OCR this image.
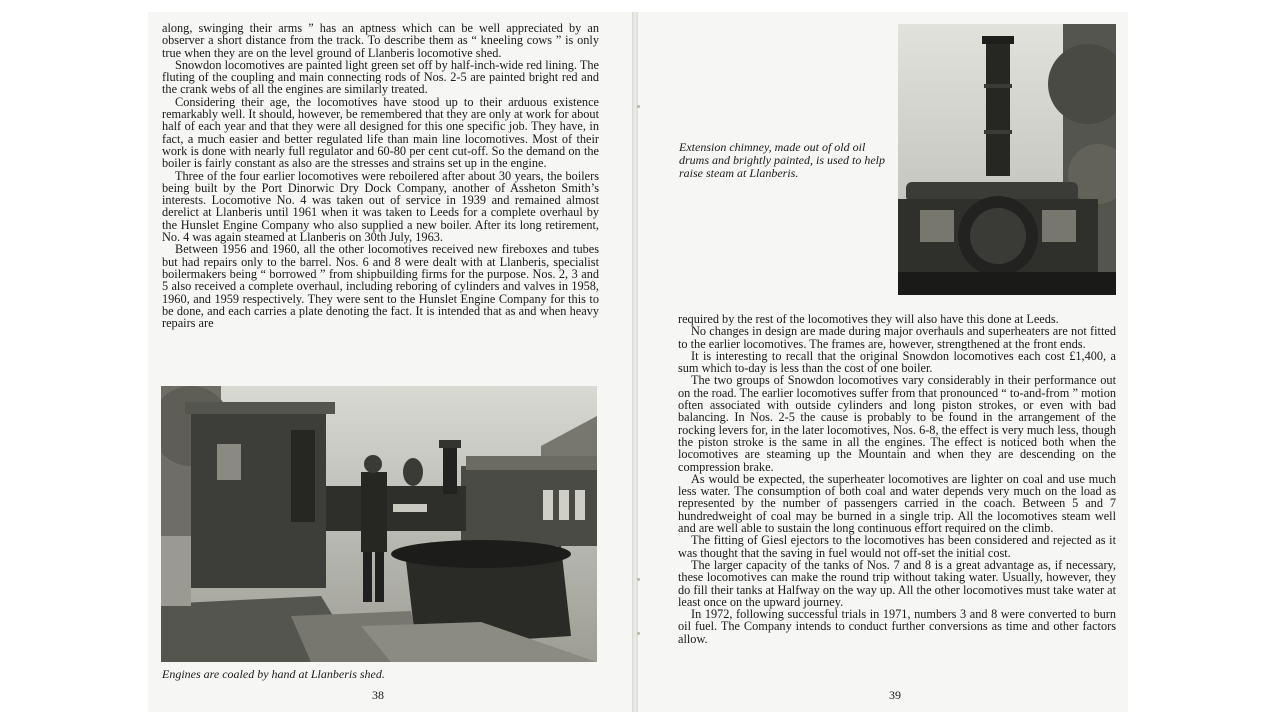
along, swinging their arms ” has an aptness which can be well appreciated by an observer a short distance from the track. To describe them as “ kneeling cows ” is only true when they are on the level ground of Llanberis locomotive shed.

Snowdon locomotives are painted light green set off by half-inch-wide red lining. The fluting of the coupling and main connecting rods of Nos. 2-5 are painted bright red and the crank webs of all the engines are similarly treated.

Considering their age, the locomotives have stood up to their arduous existence remarkably well. It should, however, be remembered that they are only at work for about half of each year and that they were all designed for this one specific job. They have, in fact, a much easier and better regulated life than main line locomotives. Most of their work is done with nearly full regulator and 60-80 per cent cut-off. So the demand on the boiler is fairly constant as also are the stresses and strains set up in the engine.

Three of the four earlier locomotives were reboilered after about 30 years, the boilers being built by the Port Dinorwic Dry Dock Company, another of Assheton Smith’s interests. Locomotive No. 4 was taken out of service in 1939 and remained almost derelict at Llanberis until 1961 when it was taken to Leeds for a complete overhaul by the Hunslet Engine Company who also supplied a new boiler. After its long retirement, No. 4 was again steamed at Llanberis on 30th July, 1963.

Between 1956 and 1960, all the other locomotives received new fireboxes and tubes but had repairs only to the barrel. Nos. 6 and 8 were dealt with at Llanberis, specialist boilermakers being “ borrowed ” from shipbuilding firms for the purpose. Nos. 2, 3 and 5 also received a complete overhaul, including reboring of cylinders and valves in 1958, 1960, and 1959 respectively. They were sent to the Hunslet Engine Company for this to be done, and each carries a plate denoting the fact. It is intended that as and when heavy repairs are

Engines are coaled by hand at Llanberis shed.

38

Extension chimney, made out of old oil drums and brightly painted, is used to help raise steam at Llanberis.

required by the rest of the locomotives they will also have this done at Leeds.

No changes in design are made during major overhauls and superheaters are not fitted to the earlier locomotives. The frames are, however, strengthened at the front ends.

It is interesting to recall that the original Snowdon locomotives each cost £1,400, a sum which to-day is less than the cost of one boiler.

The two groups of Snowdon locomotives vary considerably in their performance out on the road. The earlier locomotives suffer from that pronounced “ to-and-from ” motion often associated with outside cylinders and long piston strokes, or even with bad balancing. In Nos. 2-5 the cause is probably to be found in the arrangement of the rocking levers for, in the later locomotives, Nos. 6-8, the effect is very much less, though the piston stroke is the same in all the engines. The effect is noticed both when the locomotives are steaming up the Mountain and when they are descending on the compression brake.

As would be expected, the superheater locomotives are lighter on coal and use much less water. The consumption of both coal and water depends very much on the load as represented by the number of passengers carried in the coach. Between 5 and 7 hundredweight of coal may be burned in a single trip. All the locomotives steam well and are well able to sustain the long continuous effort required on the climb.

The fitting of Giesl ejectors to the locomotives has been considered and rejected as it was thought that the saving in fuel would not off-set the initial cost.

The larger capacity of the tanks of Nos. 7 and 8 is a great advantage as, if necessary, these locomotives can make the round trip without taking water. Usually, however, they do fill their tanks at Halfway on the way up. All the other locomotives must take water at least once on the upward journey.

In 1972, following successful trials in 1971, numbers 3 and 8 were converted to burn oil fuel. The Company intends to conduct further conversions as time and other factors allow.

39
